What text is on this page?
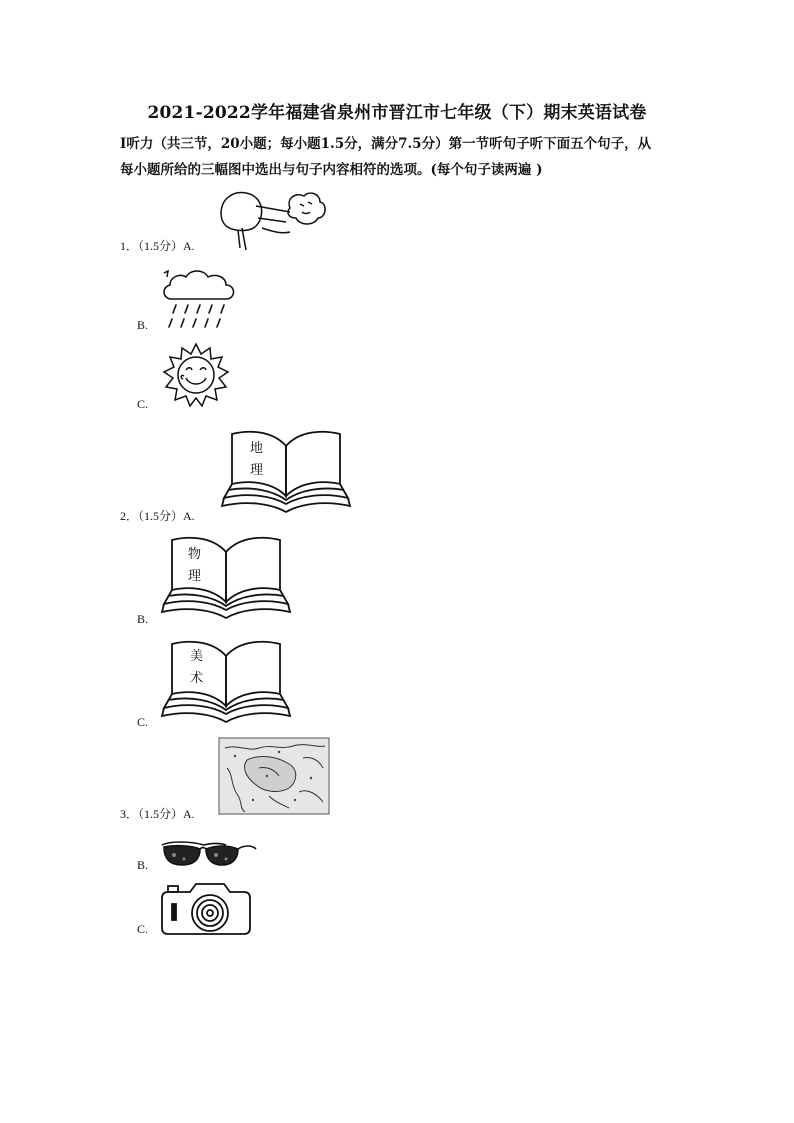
2021-2022学年福建省泉州市晋江市七年级（下）期末英语试卷
I听力（共三节，20小题；每小题1.5分，满分7.5分）第一节听句子听下面五个句子，从
每小题所给的三幅图中选出与句子内容相符的选项。(每个句子读两遍 )
1．（1.5分）A.
B.
C.
2．（1.5分）A.
地
理
B.
物
理
C.
美
术
3．（1.5分）A.
B.
C.
